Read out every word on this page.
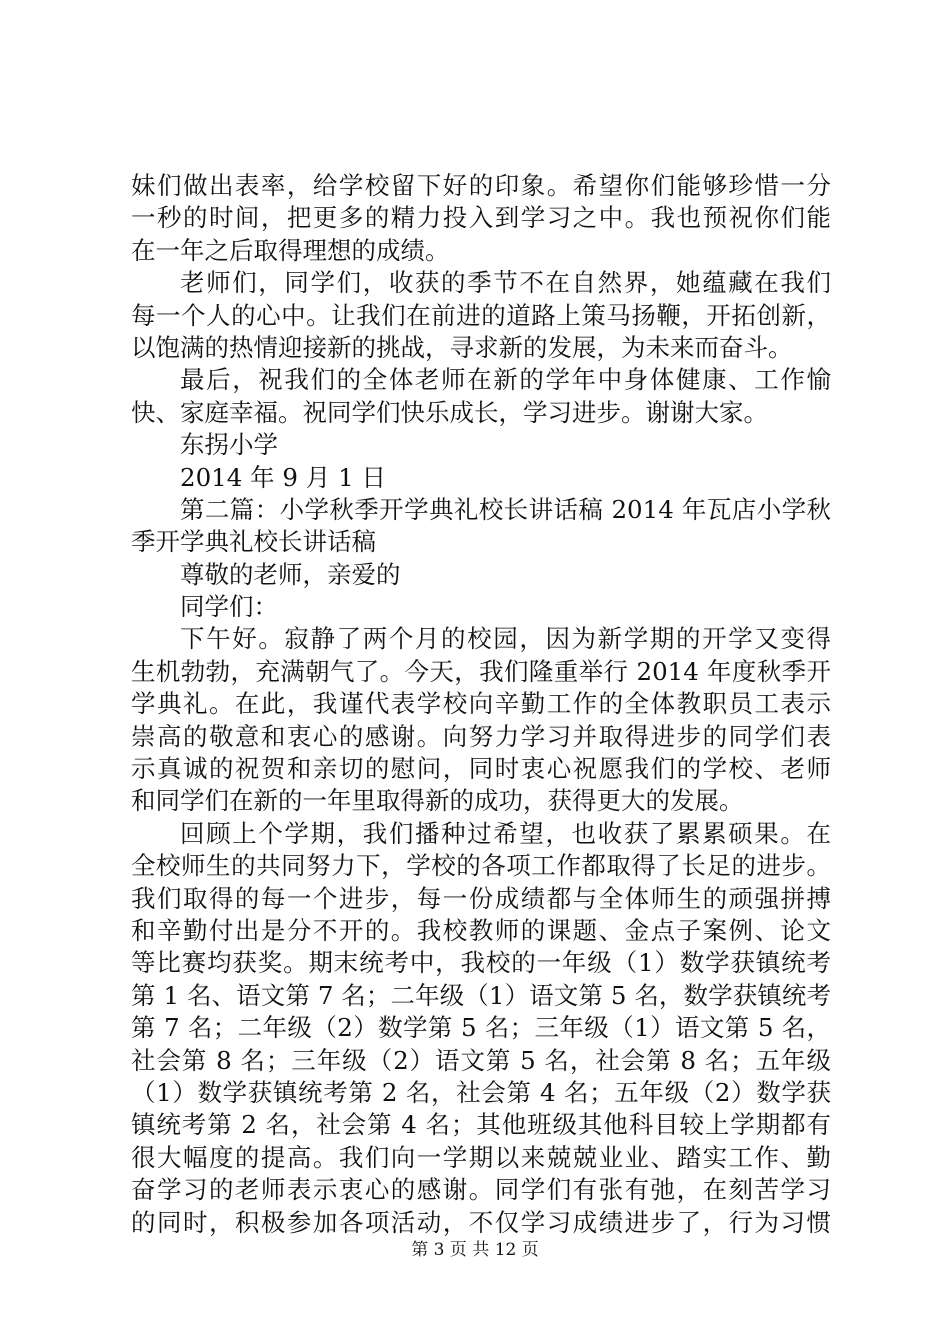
妹们做出表率，给学校留下好的印象。希望你们能够珍惜一分
一秒的时间，把更多的精力投入到学习之中。我也预祝你们能
在一年之后取得理想的成绩。
老师们，同学们，收获的季节不在自然界，她蕴藏在我们
每一个人的心中。让我们在前进的道路上策马扬鞭，开拓创新，
以饱满的热情迎接新的挑战，寻求新的发展，为未来而奋斗。
最后，祝我们的全体老师在新的学年中身体健康、工作愉
快、家庭幸福。祝同学们快乐成长，学习进步。谢谢大家。
东拐小学
2014 年 9 月 1 日
第二篇：小学秋季开学典礼校长讲话稿 2014 年瓦店小学秋
季开学典礼校长讲话稿
尊敬的老师，亲爱的
同学们：
下午好。寂静了两个月的校园，因为新学期的开学又变得
生机勃勃，充满朝气了。今天，我们隆重举行 2014 年度秋季开
学典礼。在此，我谨代表学校向辛勤工作的全体教职员工表示
崇高的敬意和衷心的感谢。向努力学习并取得进步的同学们表
示真诚的祝贺和亲切的慰问，同时衷心祝愿我们的学校、老师
和同学们在新的一年里取得新的成功，获得更大的发展。
回顾上个学期，我们播种过希望，也收获了累累硕果。在
全校师生的共同努力下，学校的各项工作都取得了长足的进步。
我们取得的每一个进步，每一份成绩都与全体师生的顽强拼搏
和辛勤付出是分不开的。我校教师的课题、金点子案例、论文
等比赛均获奖。期末统考中，我校的一年级（1）数学获镇统考
第 1 名、语文第 7 名；二年级（1）语文第 5 名，数学获镇统考
第 7 名；二年级（2）数学第 5 名；三年级（1）语文第 5 名，
社会第 8 名；三年级（2）语文第 5 名，社会第 8 名；五年级
（1）数学获镇统考第 2 名，社会第 4 名；五年级（2）数学获
镇统考第 2 名，社会第 4 名；其他班级其他科目较上学期都有
很大幅度的提高。我们向一学期以来兢兢业业、踏实工作、勤
奋学习的老师表示衷心的感谢。同学们有张有弛，在刻苦学习
的同时，积极参加各项活动，不仅学习成绩进步了，行为习惯
第 3 页 共 12 页
